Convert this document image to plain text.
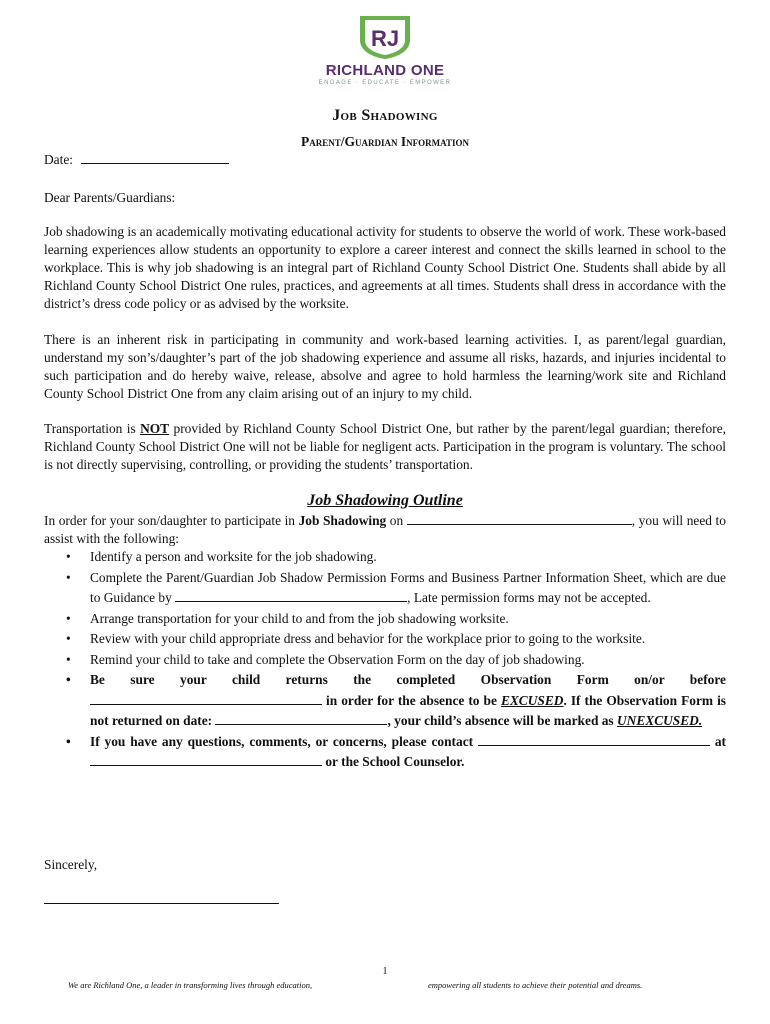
RJ
RICHLAND ONE
ENGAGE · EDUCATE · EMPOWER
Job Shadowing
Parent/Guardian Information
Date:
Dear Parents/Guardians:
Job shadowing is an academically motivating educational activity for students to observe the world of work. These work-based learning experiences allow students an opportunity to explore a career interest and connect the skills learned in school to the workplace. This is why job shadowing is an integral part of Richland County School District One. Students shall abide by all Richland County School District One rules, practices, and agreements at all times. Students shall dress in accordance with the district’s dress code policy or as advised by the worksite.
There is an inherent risk in participating in community and work-based learning activities. I, as parent/legal guardian, understand my son’s/daughter’s part of the job shadowing experience and assume all risks, hazards, and injuries incidental to such participation and do hereby waive, release, absolve and agree to hold harmless the learning/work site and Richland County School District One from any claim arising out of an injury to my child.
Transportation is NOT provided by Richland County School District One, but rather by the parent/legal guardian; therefore, Richland County School District One will not be liable for negligent acts. Participation in the program is voluntary. The school is not directly supervising, controlling, or providing the students’ transportation.
Job Shadowing Outline
In order for your son/daughter to participate in Job Shadowing on	, you will need to assist with the following:
• Identify a person and worksite for the job shadowing.
• Complete the Parent/Guardian Job Shadow Permission Forms and Business Partner Information Sheet, which are due to Guidance by	, Late permission forms may not be accepted.
• Arrange transportation for your child to and from the job shadowing worksite.
• Review with your child appropriate dress and behavior for the workplace prior to going to the worksite.
• Remind your child to take and complete the Observation Form on the day of job shadowing.
• Be sure your child returns the completed Observation Form on/or before  in order for the absence to be EXCUSED. If the Observation Form is not returned on date:	, your child’s absence will be marked as UNEXCUSED.
• If you have any questions, comments, or concerns, please contact	at  or the School Counselor.
Sincerely,
1
We are Richland One, a leader in transforming lives through education,	empowering all students to achieve their potential and dreams.
